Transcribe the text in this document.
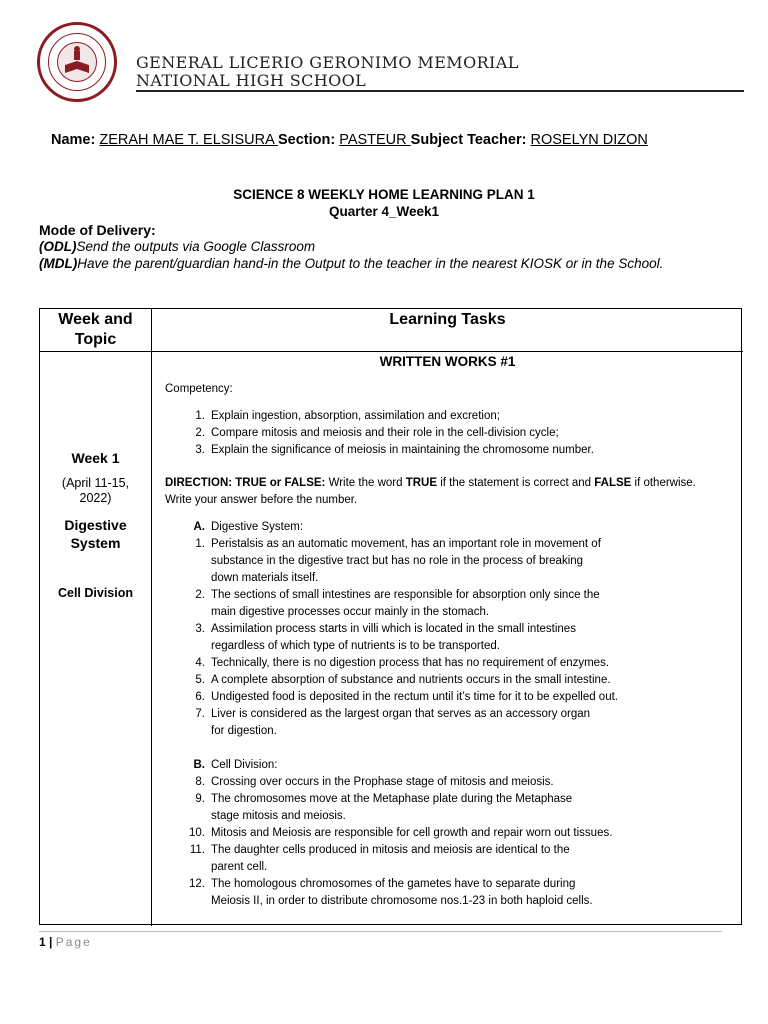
GENERAL LICERIO GERONIMO MEMORIAL
NATIONAL HIGH SCHOOL
Name: ZERAH MAE T. ELSISURA Section: PASTEUR Subject Teacher: ROSELYN DIZON
SCIENCE 8 WEEKLY HOME LEARNING PLAN 1
Quarter 4_Week1
Mode of Delivery:
(ODL)Send the outputs via Google Classroom
(MDL)Have the parent/guardian hand-in the Output to the teacher in the nearest KIOSK or in the School.
Week and
Topic
Learning Tasks
Week 1
(April 11-15,
2022)
Digestive
System
Cell Division
WRITTEN WORKS #1
Competency:
1. Explain ingestion, absorption, assimilation and excretion;
2. Compare mitosis and meiosis and their role in the cell-division cycle;
3. Explain the significance of meiosis in maintaining the chromosome number.
DIRECTION: TRUE or FALSE: Write the word TRUE if the statement is correct and FALSE if otherwise. Write your answer before the number.
A. Digestive System:
1. Peristalsis as an automatic movement, has an important role in movement of
substance in the digestive tract but has no role in the process of breaking
down materials itself.
2. The sections of small intestines are responsible for absorption only since the
main digestive processes occur mainly in the stomach.
3. Assimilation process starts in villi which is located in the small intestines
regardless of which type of nutrients is to be transported.
4. Technically, there is no digestion process that has no requirement of enzymes.
5. A complete absorption of substance and nutrients occurs in the small intestine.
6. Undigested food is deposited in the rectum until it’s time for it to be expelled out.
7. Liver is considered as the largest organ that serves as an accessory organ
for digestion.
B. Cell Division:
8. Crossing over occurs in the Prophase stage of mitosis and meiosis.
9. The chromosomes move at the Metaphase plate during the Metaphase
stage mitosis and meiosis.
10. Mitosis and Meiosis are responsible for cell growth and repair worn out tissues.
11. The daughter cells produced in mitosis and meiosis are identical to the
parent cell.
12. The homologous chromosomes of the gametes have to separate during
Meiosis II, in order to distribute chromosome nos.1-23 in both haploid cells.
1 | Page
